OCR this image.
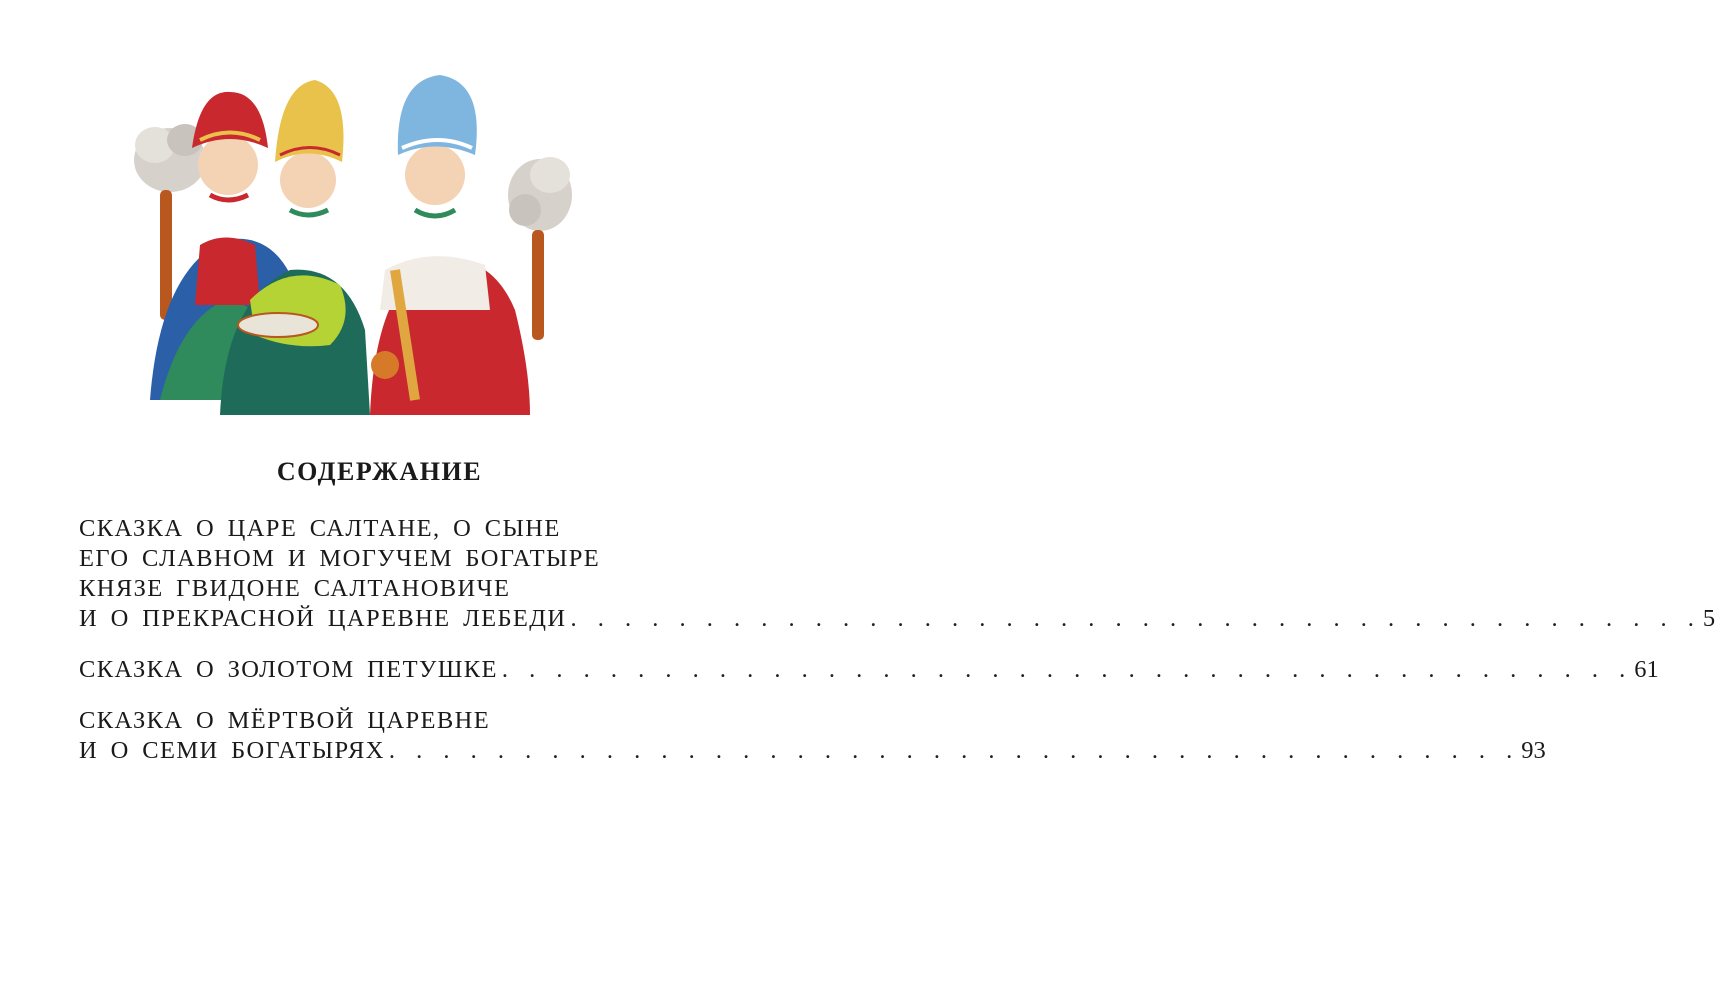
СОДЕРЖАНИЕ
СКАЗКА О ЦАРЕ САЛТАНЕ, О СЫНЕ
ЕГО СЛАВНОМ И МОГУЧЕМ БОГАТЫРЕ
КНЯЗЕ ГВИДОНЕ САЛТАНОВИЧЕ
И О ПРЕКРАСНОЙ ЦАРЕВНЕ ЛЕБЕДИ . . . . . . . . . . . . . . . . . . . . . . . . . . . . . . . . . . . . . . . . . . 5
СКАЗКА О ЗОЛОТОМ ПЕТУШКЕ . . . . . . . . . . . . . . . . . . . . . . . . . . . . . . . . . . . . . . . . . . 61
СКАЗКА О МЁРТВОЙ ЦАРЕВНЕ
И О СЕМИ БОГАТЫРЯХ . . . . . . . . . . . . . . . . . . . . . . . . . . . . . . . . . . . . . . . . . . 93
